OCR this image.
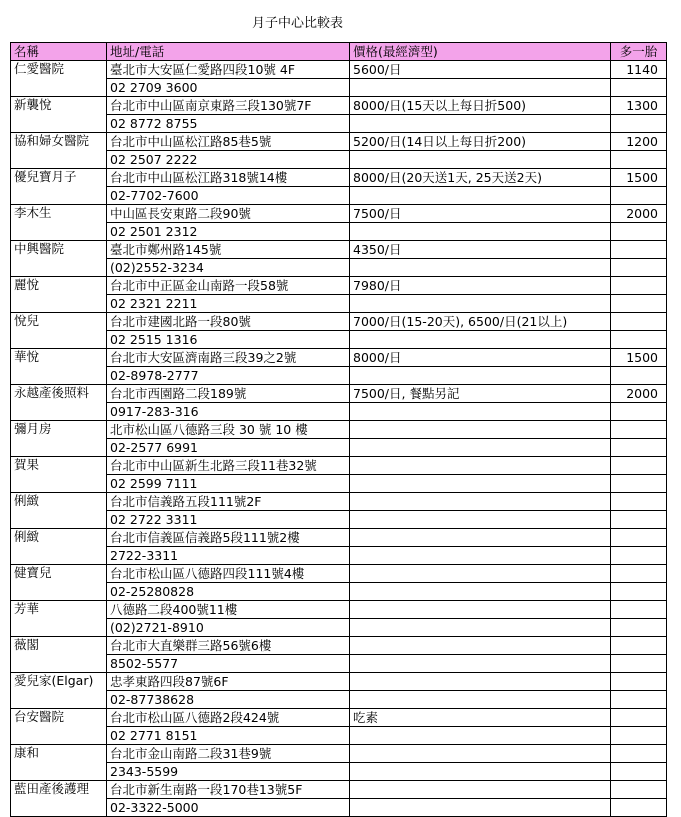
月子中心比較表
名稱	地址/電話	價格(最經濟型)	多一胎
仁愛醫院	臺北市大安區仁愛路四段10號 4F	5600/日	1140
	02 2709 3600		
新襲悅	台北市中山區南京東路三段130號7F	8000/日(15天以上每日折500)	1300
	02 8772 8755		
協和婦女醫院	台北市中山區松江路85巷5號	5200/日(14日以上每日折200)	1200
	02 2507 2222		
優兒寶月子	台北市中山區松江路318號14樓	8000/日(20天送1天, 25天送2天)	1500
	02-7702-7600		
李木生	中山區長安東路二段90號	7500/日	2000
	02 2501 2312		
中興醫院	臺北市鄭州路145號	4350/日	
	(02)2552-3234		
麗悅	台北市中正區金山南路一段58號	7980/日	
	02 2321 2211		
悅兒	台北市建國北路一段80號	7000/日(15-20天), 6500/日(21以上)	
	02 2515 1316		
華悅	台北市大安區濟南路三段39之2號	8000/日	1500
	02-8978-2777		
永越產後照料	台北市西園路二段189號	7500/日, 餐點另記	2000
	0917-283-316		
彌月房	北市松山區八德路三段 30 號 10 樓		
	02-2577 6991		
賀果	台北市中山區新生北路三段11巷32號		
	02 2599 7111		
俐緻	台北市信義路五段111號2F		
	02 2722 3311		
俐緻	台北市信義區信義路5段111號2樓		
	2722-3311		
健寶兒	台北市松山區八德路四段111號4樓		
	02-25280828		
芳華	八德路二段400號11樓		
	(02)2721-8910		
薇閣	台北市大直樂群三路56號6樓		
	8502-5577		
愛兒家(Elgar)	忠孝東路四段87號6F		
	02-87738628		
台安醫院	台北市松山區八德路2段424號	吃素	
	02 2771 8151		
康和	台北市金山南路二段31巷9號		
	2343-5599		
藍田產後護理	台北市新生南路一段170巷13號5F		
	02-3322-5000		
